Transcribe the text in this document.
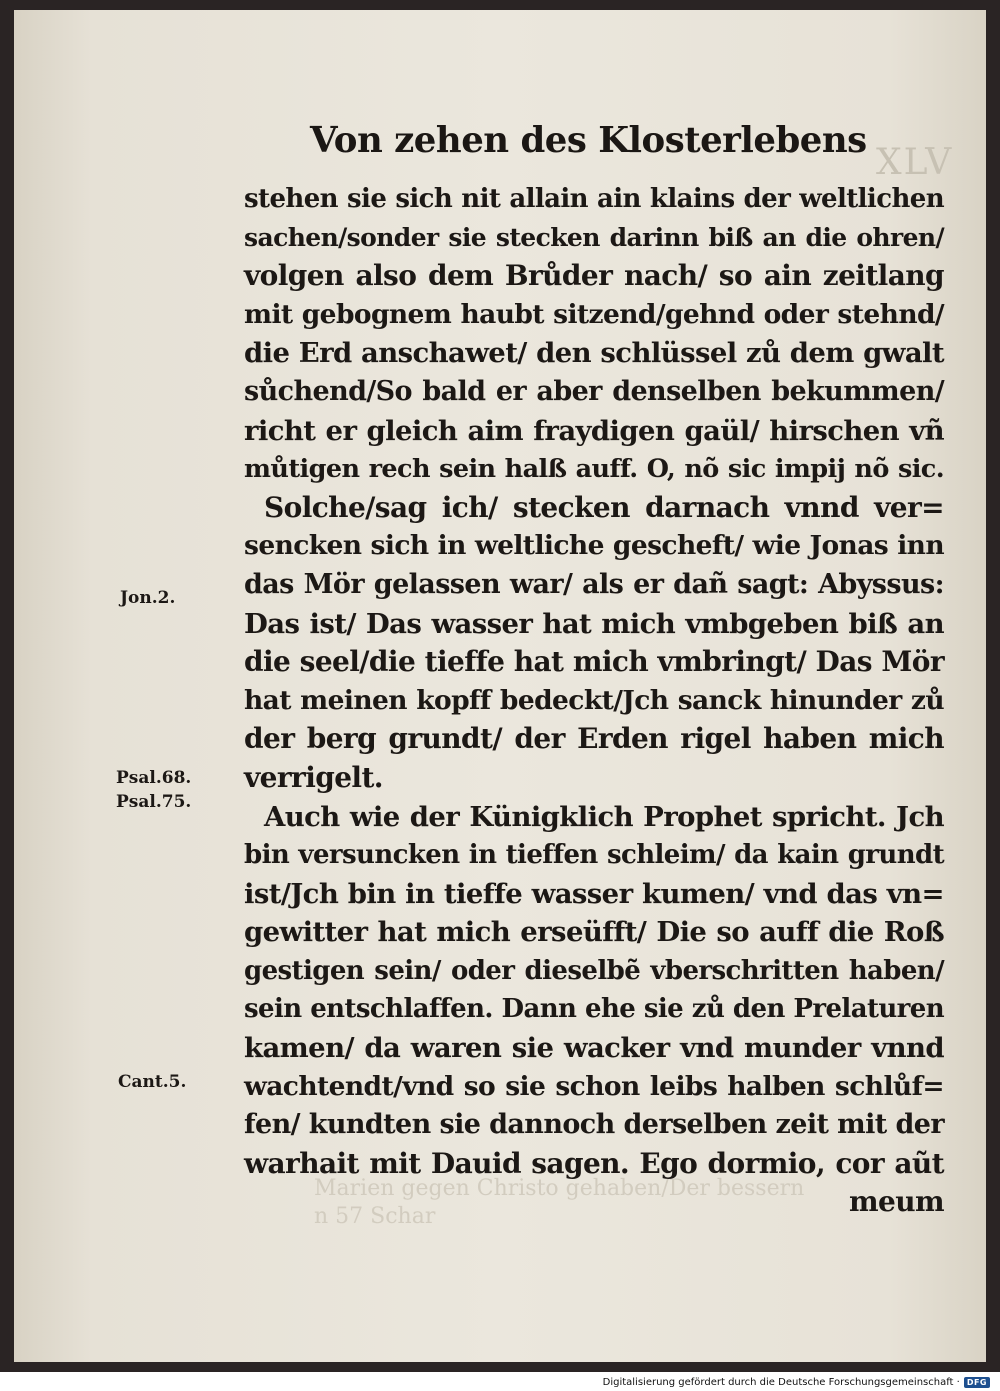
XLV
Marien gegen Christo gehaben/Der bessern
n 57 Schar
Von zehen des Klosterlebens
stehen sie sich nit allain ain klains der weltlichen
sachen/sonder sie stecken darinn biß an die ohren/
volgen also dem Brůder nach/ so ain zeitlang
mit gebognem haubt sitzend/gehnd oder stehnd/
die Erd anschawet/ den schlüssel zů dem gwalt
sůchend/So bald er aber denselben bekummen/
richt er gleich aim fraydigen gaül/ hirschen vñ
můtigen rech sein halß auff. O, nõ sic impij nõ sic.
Solche/sag ich/ stecken darnach vnnd ver=
sencken sich in weltliche gescheft/ wie Jonas inn
das Mör gelassen war/ als er dañ sagt: Abyssus:
Das ist/ Das wasser hat mich vmbgeben biß an
die seel/die tieffe hat mich vmbringt/ Das Mör
hat meinen kopff bedeckt/Jch sanck hinunder zů
der berg grundt/ der Erden rigel haben mich
verrigelt.
Auch wie der Künigklich Prophet spricht. Jch
bin versuncken in tieffen schleim/ da kain grundt
ist/Jch bin in tieffe wasser kumen/ vnd das vn=
gewitter hat mich erseüfft/ Die so auff die Roß
gestigen sein/ oder dieselbẽ vberschritten haben/
sein entschlaffen. Dann ehe sie zů den Prelaturen
kamen/ da waren sie wacker vnd munder vnnd
wachtendt/vnd so sie schon leibs halben schlůf=
fen/ kundten sie dannoch derselben zeit mit der
warhait mit Dauid sagen. Ego dormio, cor aũt
meum
Jon.2.
Psal.68.
Psal.75.
Cant.5.
Digitalisierung gefördert durch die Deutsche Forschungsgemeinschaft · DFG
